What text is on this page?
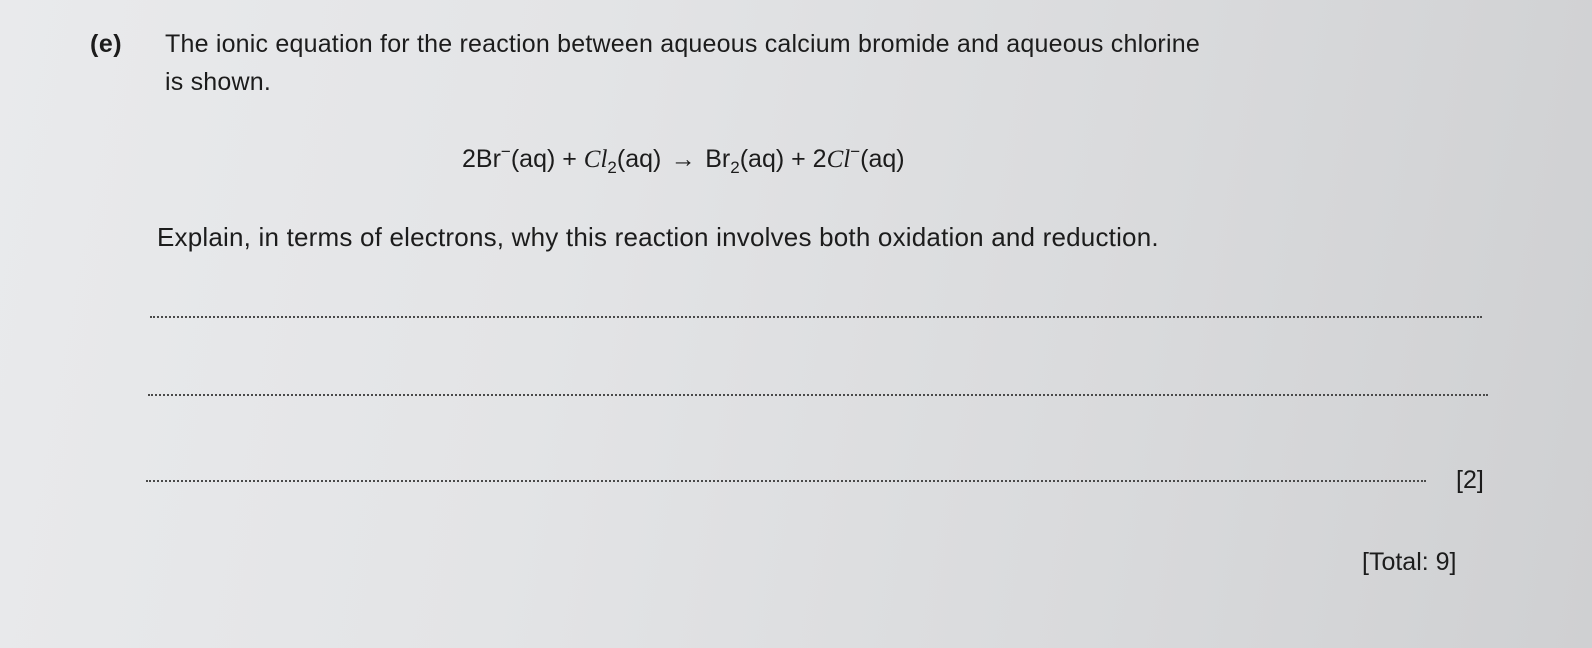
(e) The ionic equation for the reaction between aqueous calcium bromide and aqueous chlorine
is shown.
$2Br^-(aq) + Cl_2(aq) \to Br_2(aq) + 2Cl^-(aq)$
Explain, in terms of electrons, why this reaction involves both oxidation and reduction.
[2]
[Total: 9]
